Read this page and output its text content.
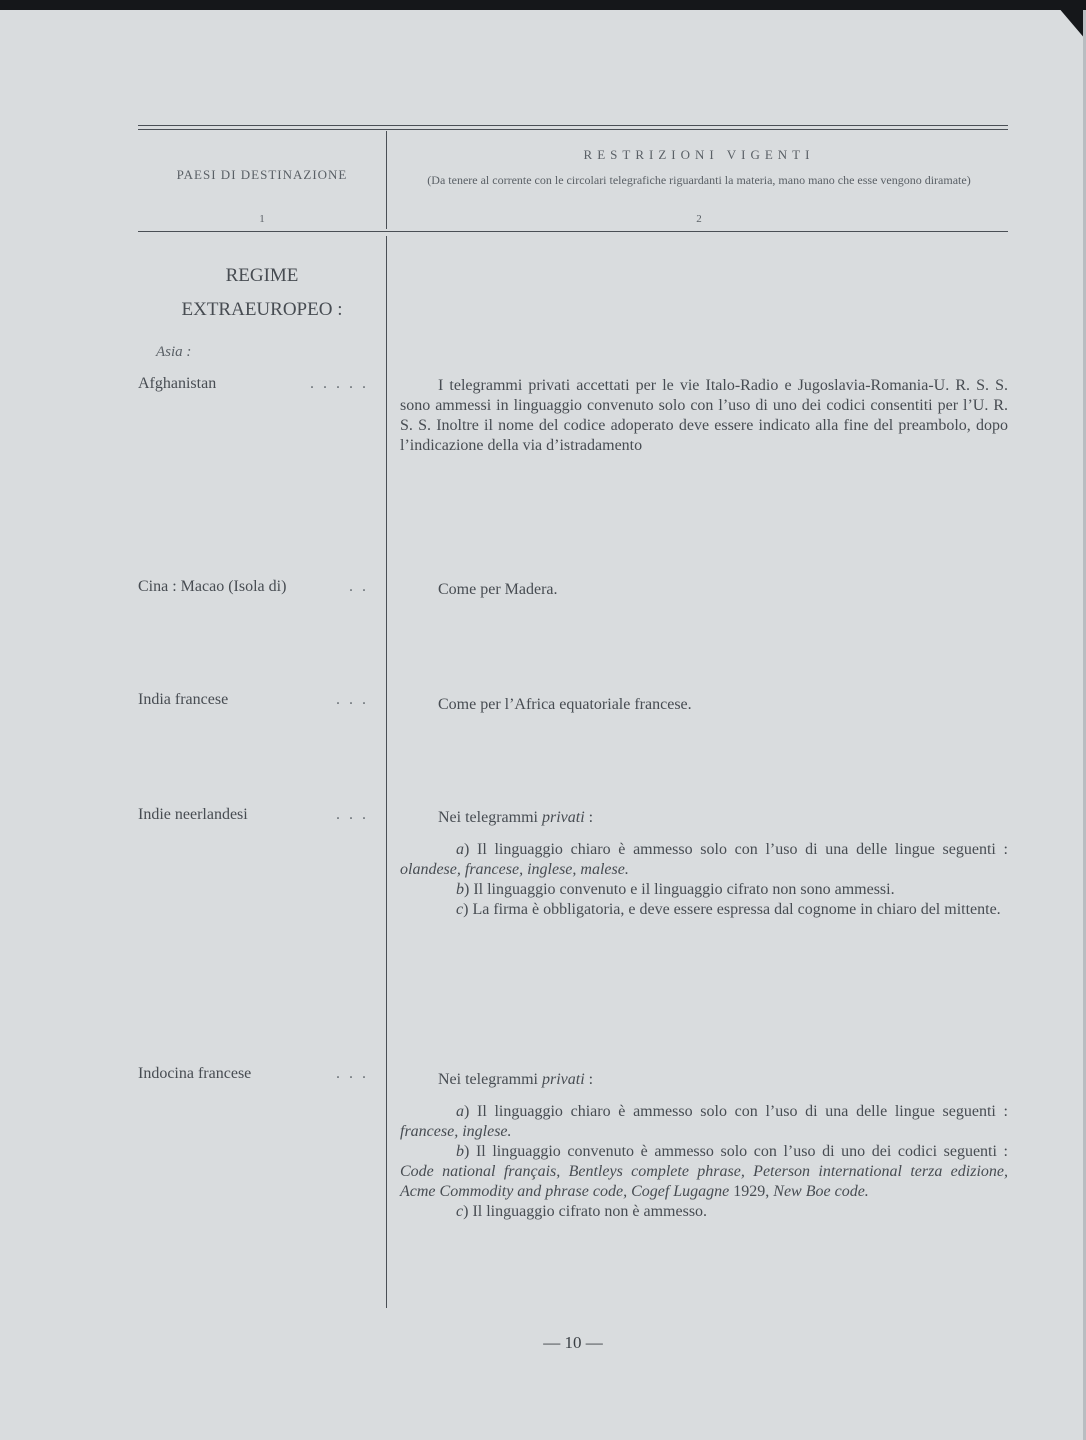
PAESI DI DESTINAZIONE
1
RESTRIZIONI VIGENTI
(Da tenere al corrente con le circolari telegrafiche riguardanti la materia, mano mano che esse vengono diramate)
2
REGIME
EXTRAEUROPEO :
Asia :
Afghanistan	.....	I telegrammi privati accettati per le vie Italo-Radio e Jugoslavia-Romania-U. R. S. S. sono ammessi in linguaggio convenuto solo con l’uso di uno dei codici consentiti per l’U. R. S. S. Inoltre il nome del codice adoperato deve essere indicato alla fine del preambolo, dopo l’indicazione della via d’istradamento

Cina : Macao (Isola di)	..	Come per Madera.

India francese	...	Come per l’Africa equatoriale francese.

Indie neerlandesi	...	Nei telegrammi privati :

a) Il linguaggio chiaro è ammesso solo con l’uso di una delle lingue seguenti : olandese, francese, inglese, malese.

b) Il linguaggio convenuto e il linguaggio cifrato non sono ammessi.

c) La firma è obbligatoria, e deve essere espressa dal cognome in chiaro del mittente.

Indocina francese	...	Nei telegrammi privati :

a) Il linguaggio chiaro è ammesso solo con l’uso di una delle lingue seguenti : francese, inglese.

b) Il linguaggio convenuto è ammesso solo con l’uso di uno dei codici seguenti : Code national français, Bentleys complete phrase, Peterson international terza edizione, Acme Commodity and phrase code, Cogef Lugagne 1929, New Boe code.

c) Il linguaggio cifrato non è ammesso.

— 10 —
